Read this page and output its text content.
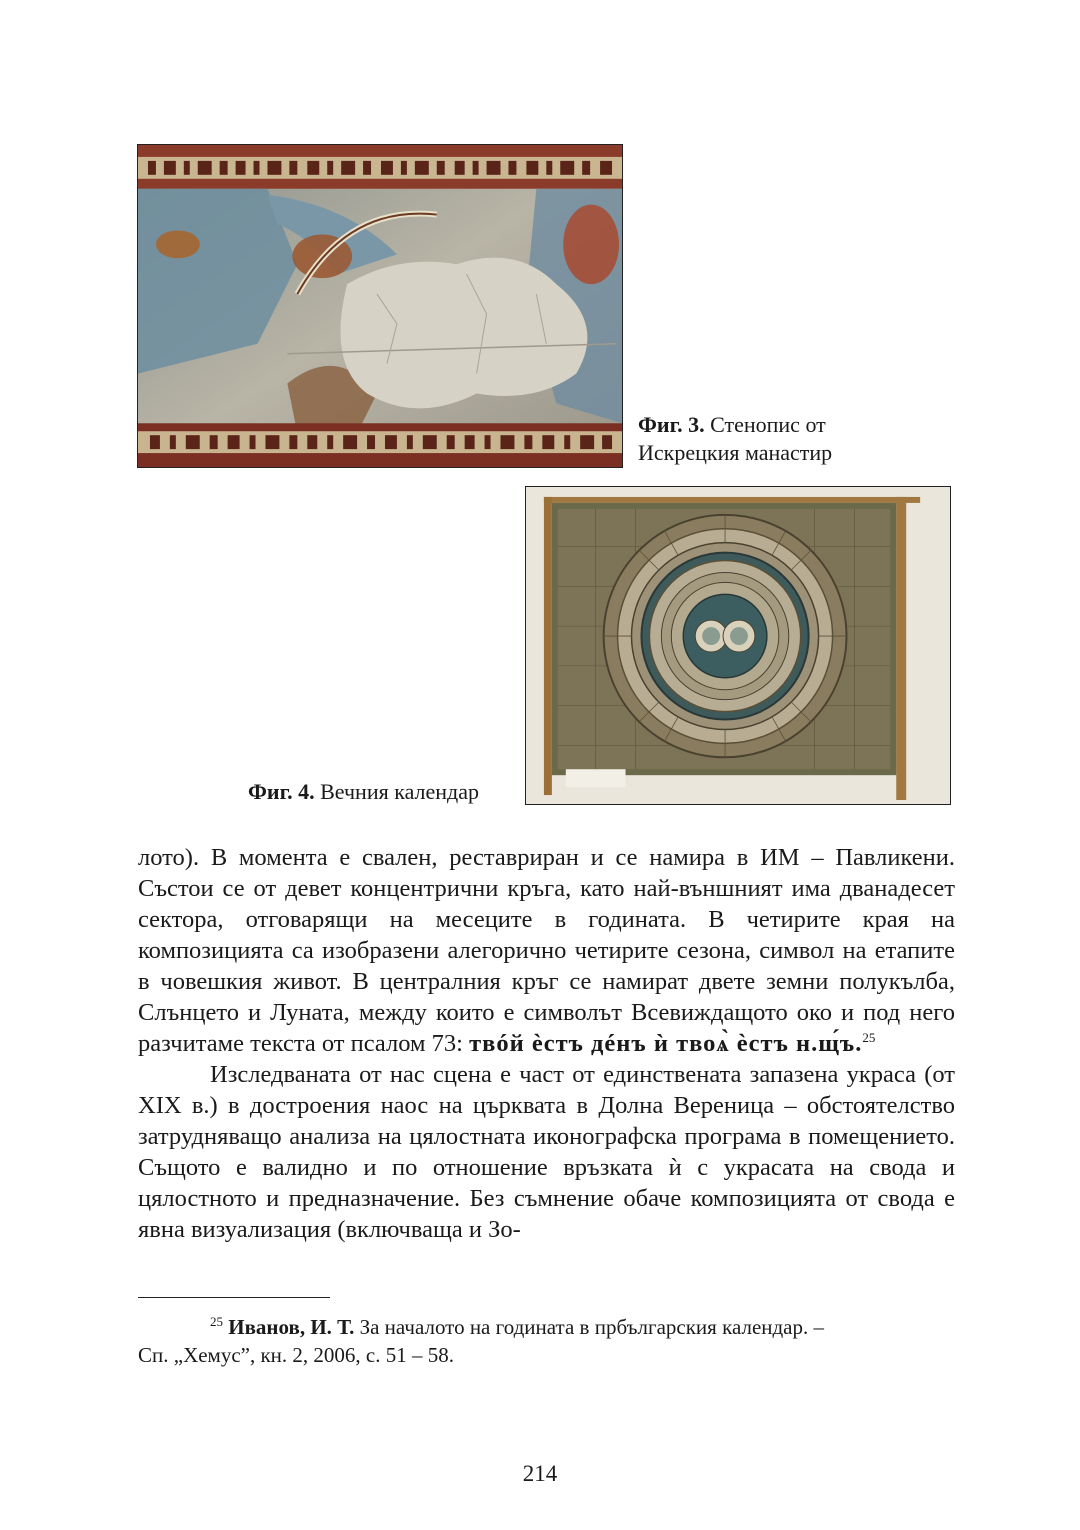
Фиг. 3. Стенопис от
Искрецкия манастир
Фиг. 4. Вечния календар

лото). В момента е свален, реставриран и се намира в ИМ – Павликени. Състои се от девет концентрични кръга, като най-външният има дванадесет сектора, отговарящи на месеците в годината. В четирите края на композицията са изобразени алегорично четирите сезона, символ на етапите в човешкия живот. В централния кръг се намират двете земни полукълба, Слънцето и Луната, между които е символът Всевиждащото око и под него разчитаме текста от псалом 73: твóй ѐстъ дéнъ ѝ твоѧ̀ ѐстъ н.щ́ъ.$^{25}$

Изследваната от нас сцена е част от единствената запазена украса (от XIX в.) в достроения наос на църквата в Долна Вереница – обстоятелство затрудняващо анализа на цялостната иконографска програма в помещението. Същото е валидно и по отношение връзката ѝ с украсата на свода и цялостното и предназначение. Без съмнение обаче композицията от свода е явна визуализация (включваща и Зо-

$^{25}$ Иванов, И. Т. За началото на годината в прбългарския календар. –
Сп. „Хемус”, кн. 2, 2006, с. 51 – 58.
214
